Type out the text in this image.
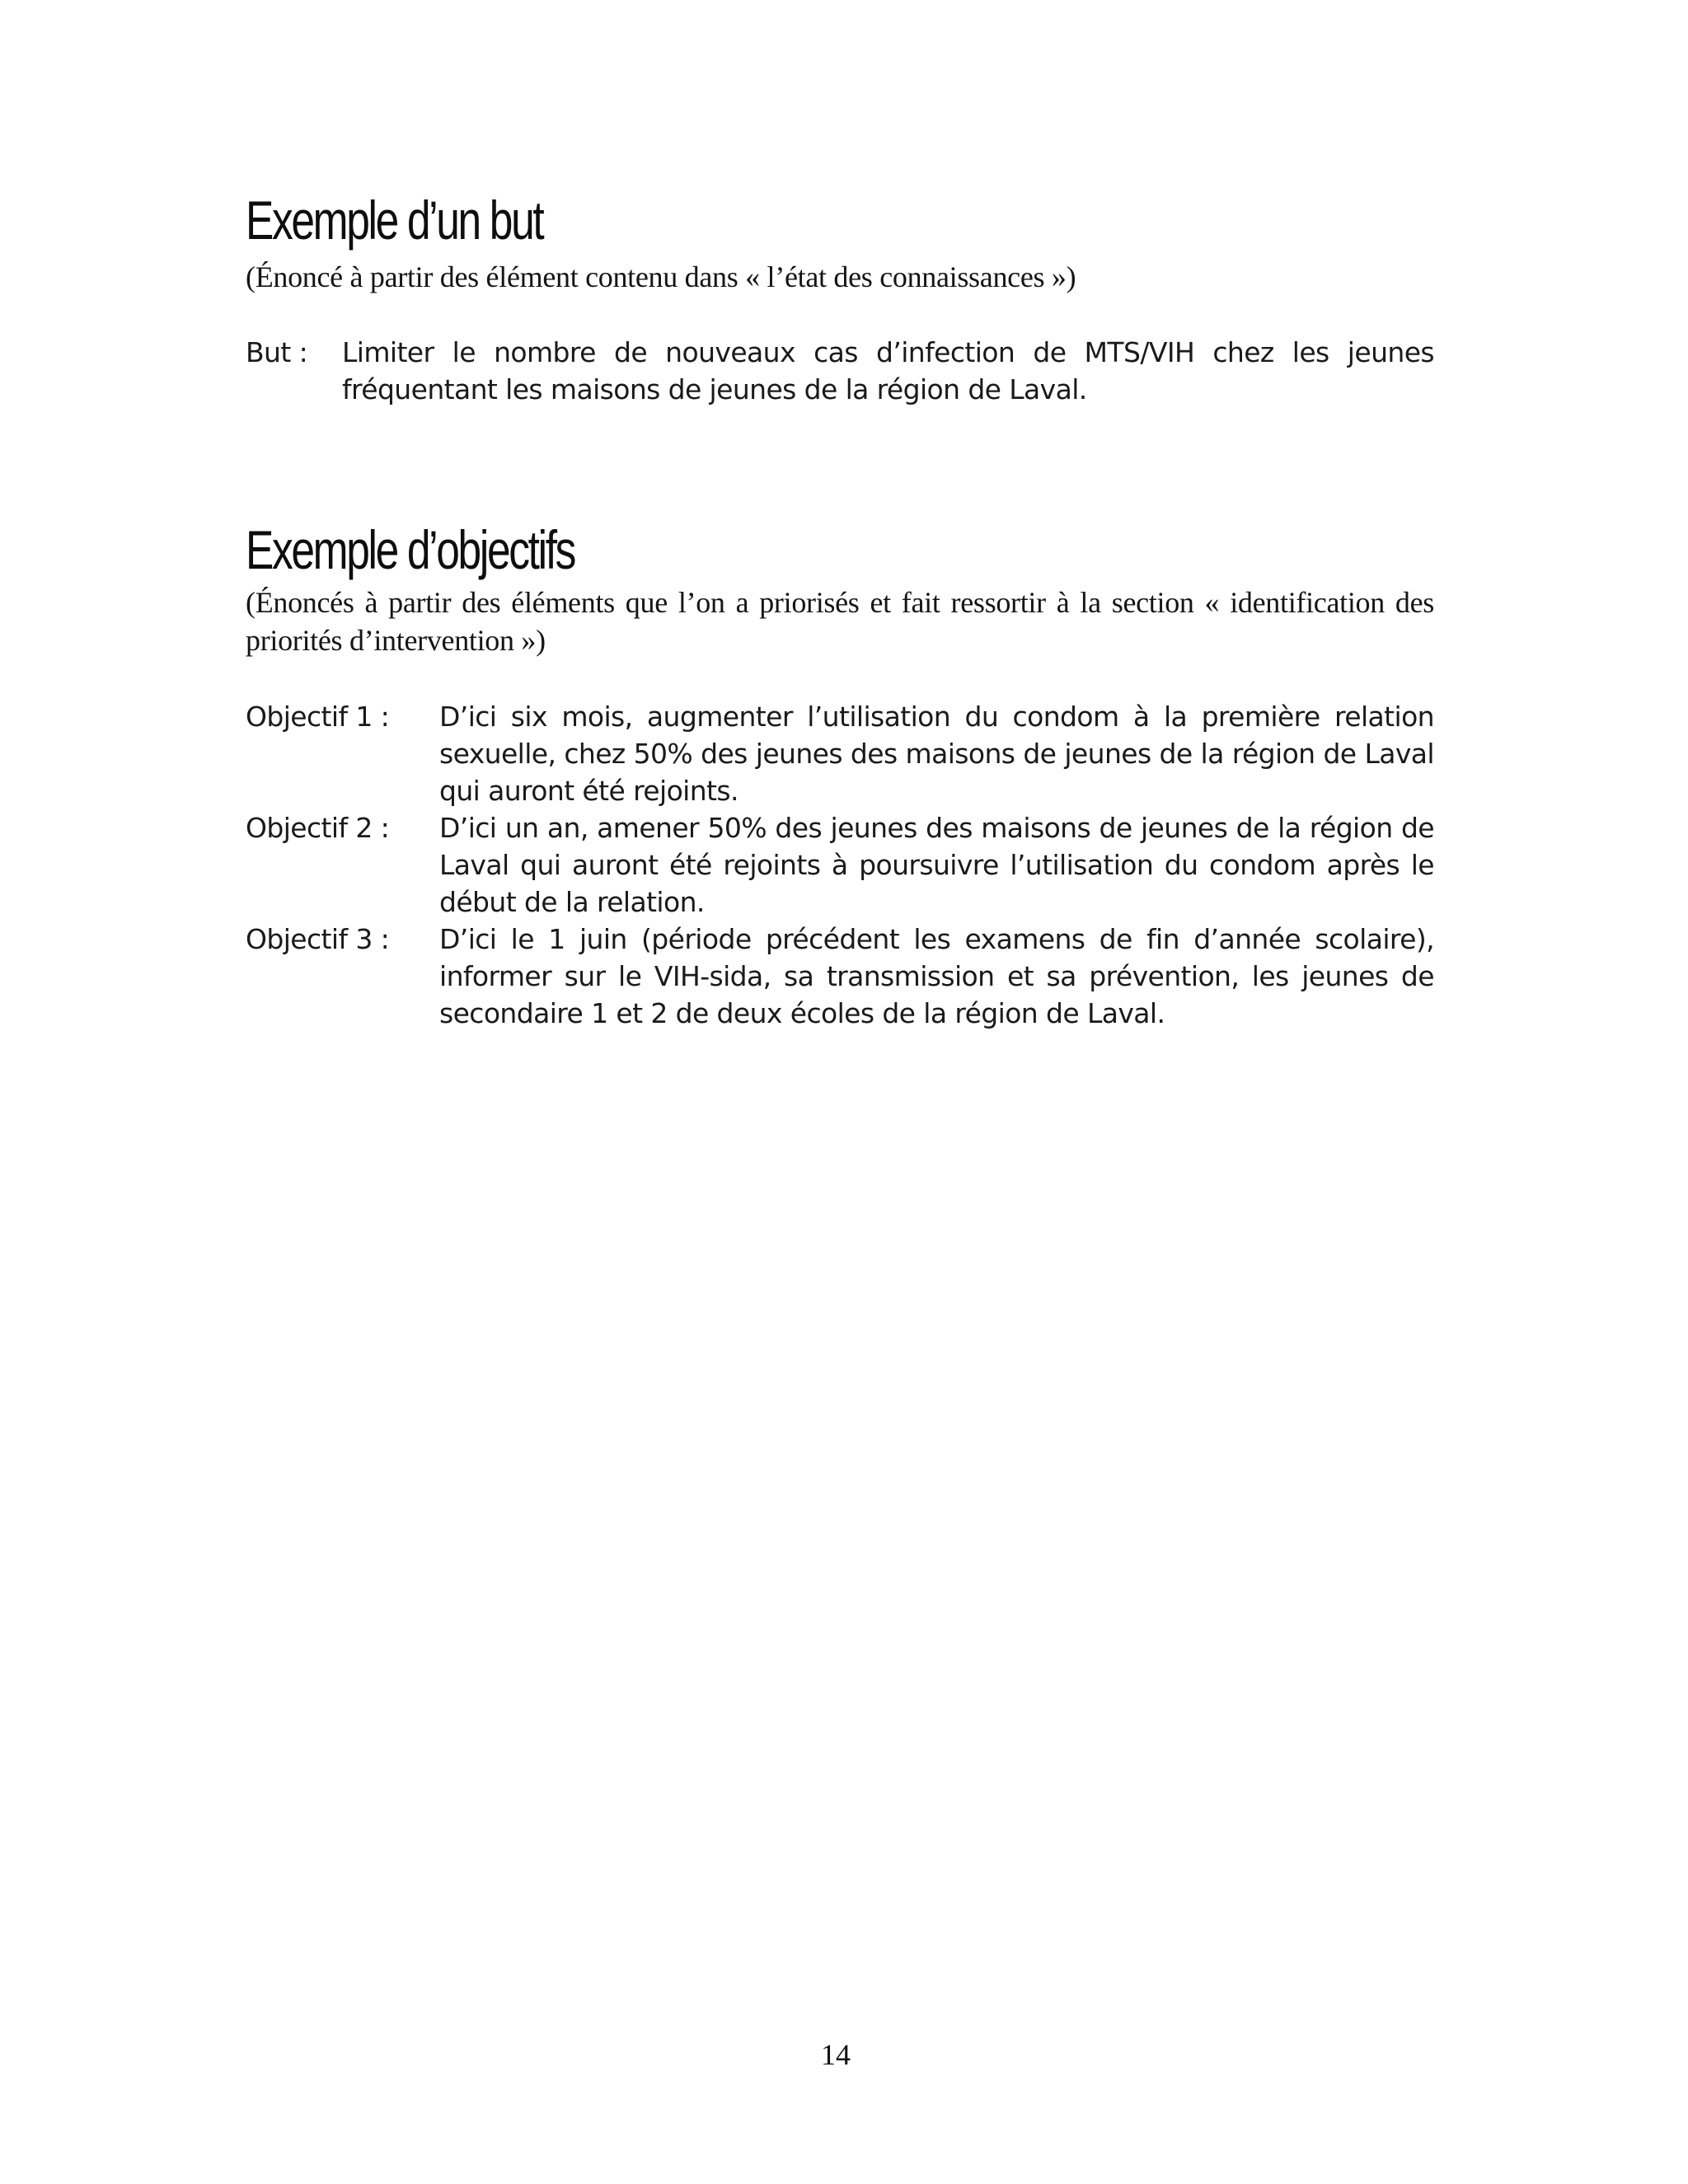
Exemple d’un but

(Énoncé à partir des élément contenu dans « l’état des connaissances »)

But :	Limiter le nombre de nouveaux cas d’infection de MTS/VIH chez les jeunes fréquentant les maisons de jeunes de la région de Laval.
Exemple d’objectifs

(Énoncés à partir des éléments que l’on a priorisés et fait ressortir à la section « identification des priorités d’intervention »)

Objectif 1 :	D’ici six mois, augmenter l’utilisation du condom à la première relation sexuelle, chez 50% des jeunes des maisons de jeunes de la région de Laval qui auront été rejoints.
Objectif 2 :	D’ici un an, amener 50% des jeunes des maisons de jeunes de la région de Laval qui auront été rejoints à poursuivre l’utilisation du condom après le début de la relation.
Objectif 3 :	D’ici le 1 juin (période précédent les examens de fin d’année scolaire), informer sur le VIH-sida, sa transmission et sa prévention, les jeunes de secondaire 1 et 2 de deux écoles de la région de Laval.
14
